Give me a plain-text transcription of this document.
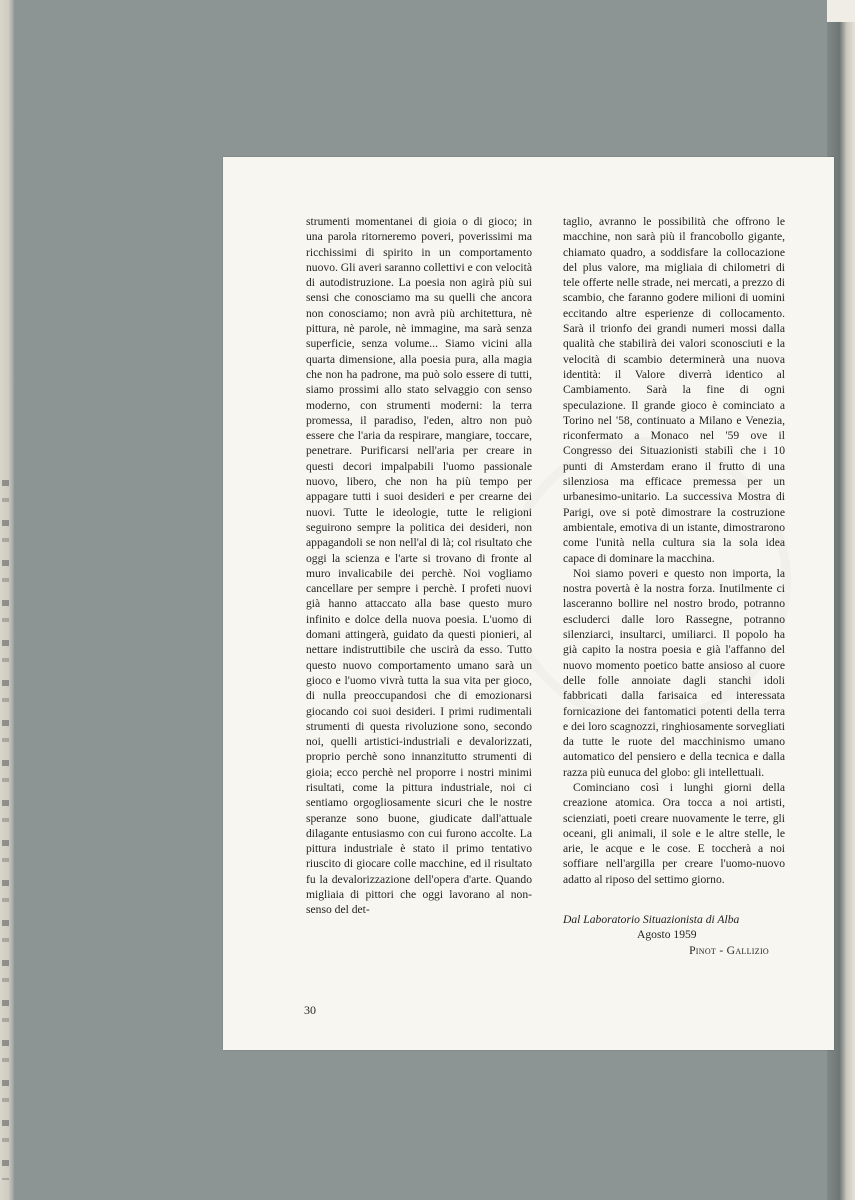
strumenti momentanei di gioia o di gioco; in una parola ritorneremo poveri, poverissimi ma ricchissimi di spirito in un comportamento nuovo. Gli averi saranno collettivi e con velocità di autodistruzione. La poesia non agirà più sui sensi che conosciamo ma su quelli che ancora non conosciamo; non avrà più architettura, nè pittura, nè parole, nè immagine, ma sarà senza superficie, senza volume... Siamo vicini alla quarta dimensione, alla poesia pura, alla magia che non ha padrone, ma può solo essere di tutti, siamo prossimi allo stato selvaggio con senso moderno, con strumenti moderni: la terra promessa, il paradiso, l'eden, altro non può essere che l'aria da respirare, mangiare, toccare, penetrare. Purificarsi nell'aria per creare in questi decori impalpabili l'uomo passionale nuovo, libero, che non ha più tempo per appagare tutti i suoi desideri e per crearne dei nuovi. Tutte le ideologie, tutte le religioni seguirono sempre la politica dei desideri, non appagandoli se non nell'al di là; col risultato che oggi la scienza e l'arte si trovano di fronte al muro invalicabile dei perchè. Noi vogliamo cancellare per sempre i perchè. I profeti nuovi già hanno attaccato alla base questo muro infinito e dolce della nuova poesia. L'uomo di domani attingerà, guidato da questi pionieri, al nettare indistruttibile che uscirà da esso. Tutto questo nuovo comportamento umano sarà un gioco e l'uomo vivrà tutta la sua vita per gioco, di nulla preoccupandosi che di emozionarsi giocando coi suoi desideri. I primi rudimentali strumenti di questa rivoluzione sono, secondo noi, quelli artistici-industriali e devalorizzati, proprio perchè sono innanzitutto strumenti di gioia; ecco perchè nel proporre i nostri minimi risultati, come la pittura industriale, noi ci sentiamo orgogliosamente sicuri che le nostre speranze sono buone, giudicate dall'attuale dilagante entusiasmo con cui furono accolte. La pittura industriale è stato il primo tentativo riuscito di giocare colle macchine, ed il risultato fu la devalorizzazione dell'opera d'arte. Quando migliaia di pittori che oggi lavorano al non-senso del det-

taglio, avranno le possibilità che offrono le macchine, non sarà più il francobollo gigante, chiamato quadro, a soddisfare la collocazione del plus valore, ma migliaia di chilometri di tele offerte nelle strade, nei mercati, a prezzo di scambio, che faranno godere milioni di uomini eccitando altre esperienze di collocamento. Sarà il trionfo dei grandi numeri mossi dalla qualità che stabilirà dei valori sconosciuti e la velocità di scambio determinerà una nuova identità: il Valore diverrà identico al Cambiamento. Sarà la fine di ogni speculazione. Il grande gioco è cominciato a Torino nel '58, continuato a Milano e Venezia, riconfermato a Monaco nel '59 ove il Congresso dei Situazionisti stabilì che i 10 punti di Amsterdam erano il frutto di una silenziosa ma efficace premessa per un urbanesimo-unitario. La successiva Mostra di Parigi, ove si potè dimostrare la costruzione ambientale, emotiva di un istante, dimostrarono come l'unità nella cultura sia la sola idea capace di dominare la macchina.

Noi siamo poveri e questo non importa, la nostra povertà è la nostra forza. Inutilmente ci lasceranno bollire nel nostro brodo, potranno escluderci dalle loro Rassegne, potranno silenziarci, insultarci, umiliarci. Il popolo ha già capito la nostra poesia e già l'affanno del nuovo momento poetico batte ansioso al cuore delle folle annoiate dagli stanchi idoli fabbricati dalla farisaica ed interessata fornicazione dei fantomatici potenti della terra e dei loro scagnozzi, ringhiosamente sorvegliati da tutte le ruote del macchinismo umano automatico del pensiero e della tecnica e dalla razza più eunuca del globo: gli intellettuali.

Cominciano così i lunghi giorni della creazione atomica. Ora tocca a noi artisti, scienziati, poeti creare nuovamente le terre, gli oceani, gli animali, il sole e le altre stelle, le arie, le acque e le cose. E toccherà a noi soffiare nell'argilla per creare l'uomo-nuovo adatto al riposo del settimo giorno.

Dal Laboratorio Situazionista di Alba
Agosto 1959
Pinot - Gallizio
30
